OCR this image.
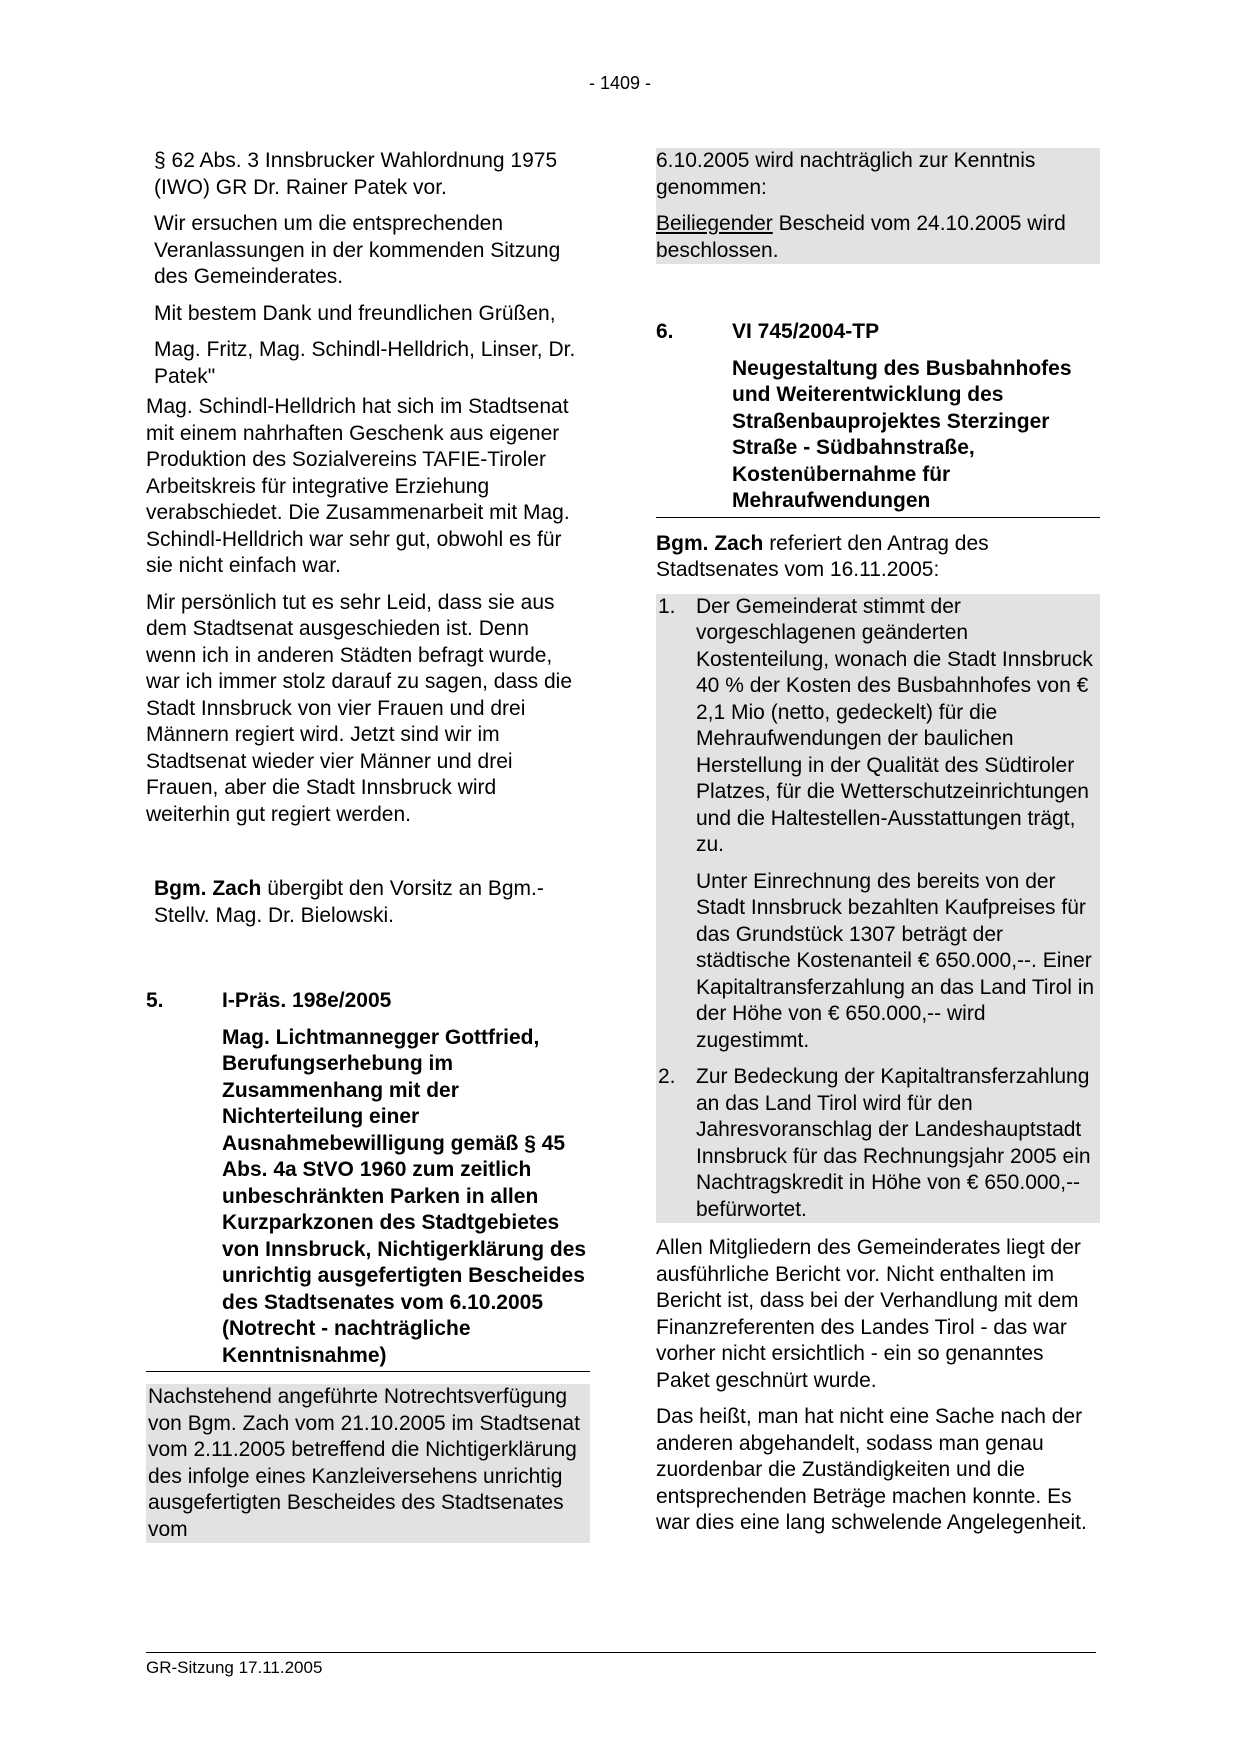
- 1409 -

§ 62 Abs. 3 Innsbrucker Wahlordnung 1975 (IWO) GR Dr. Rainer Patek vor.

Wir ersuchen um die entsprechenden Veranlassungen in der kommenden Sitzung des Gemeinderates.

Mit bestem Dank und freundlichen Grüßen,

Mag. Fritz, Mag. Schindl-Helldrich, Linser, Dr. Patek"

Mag. Schindl-Helldrich hat sich im Stadtsenat mit einem nahrhaften Geschenk aus eigener Produktion des Sozialvereins TAFIE-Tiroler Arbeitskreis für integrative Erziehung verabschiedet. Die Zusammenarbeit mit Mag. Schindl-Helldrich war sehr gut, obwohl es für sie nicht einfach war.

Mir persönlich tut es sehr Leid, dass sie aus dem Stadtsenat ausgeschieden ist. Denn wenn ich in anderen Städten befragt wurde, war ich immer stolz darauf zu sagen, dass die Stadt Innsbruck von vier Frauen und drei Männern regiert wird. Jetzt sind wir im Stadtsenat wieder vier Männer und drei Frauen, aber die Stadt Innsbruck wird weiterhin gut regiert werden.

Bgm. Zach übergibt den Vorsitz an Bgm.-Stellv. Mag. Dr. Bielowski.

5.	I-Präs. 198e/2005
Mag. Lichtmannegger Gottfried, Berufungserhebung im Zusammenhang mit der Nichterteilung einer Ausnahmebewilligung gemäß § 45 Abs. 4a StVO 1960 zum zeitlich unbeschränkten Parken in allen Kurzparkzonen des Stadtgebietes von Innsbruck, Nichtigerklärung des unrichtig ausgefertigten Bescheides des Stadtsenates vom 6.10.2005 (Notrecht - nachträgliche Kenntnisnahme)

Nachstehend angeführte Notrechtsverfügung von Bgm. Zach vom 21.10.2005 im Stadtsenat vom 2.11.2005 betreffend die Nichtigerklärung des infolge eines Kanzleiversehens unrichtig ausgefertigten Bescheides des Stadtsenates vom

6.10.2005 wird nachträglich zur Kenntnis genommen:

Beiliegender Bescheid vom 24.10.2005 wird beschlossen.

6.	VI 745/2004-TP
Neugestaltung des Busbahnhofes und Weiterentwicklung des Straßenbauprojektes Sterzinger Straße - Südbahnstraße, Kostenübernahme für Mehraufwendungen

Bgm. Zach referiert den Antrag des Stadtsenates vom 16.11.2005:

1. Der Gemeinderat stimmt der vorgeschlagenen geänderten Kostenteilung, wonach die Stadt Innsbruck 40 % der Kosten des Busbahnhofes von € 2,1 Mio (netto, gedeckelt) für die Mehraufwendungen der baulichen Herstellung in der Qualität des Südtiroler Platzes, für die Wetterschutzeinrichtungen und die Haltestellen-Ausstattungen trägt, zu.
Unter Einrechnung des bereits von der Stadt Innsbruck bezahlten Kaufpreises für das Grundstück 1307 beträgt der städtische Kostenanteil € 650.000,--. Einer Kapitaltransferzahlung an das Land Tirol in der Höhe von € 650.000,-- wird zugestimmt.
2. Zur Bedeckung der Kapitaltransferzahlung an das Land Tirol wird für den Jahresvoranschlag der Landeshauptstadt Innsbruck für das Rechnungsjahr 2005 ein Nachtragskredit in Höhe von € 650.000,-- befürwortet.

Allen Mitgliedern des Gemeinderates liegt der ausführliche Bericht vor. Nicht enthalten im Bericht ist, dass bei der Verhandlung mit dem Finanzreferenten des Landes Tirol - das war vorher nicht ersichtlich - ein so genanntes Paket geschnürt wurde.

Das heißt, man hat nicht eine Sache nach der anderen abgehandelt, sodass man genau zuordenbar die Zuständigkeiten und die entsprechenden Beträge machen konnte. Es war dies eine lang schwelende Angelegenheit.

GR-Sitzung 17.11.2005
